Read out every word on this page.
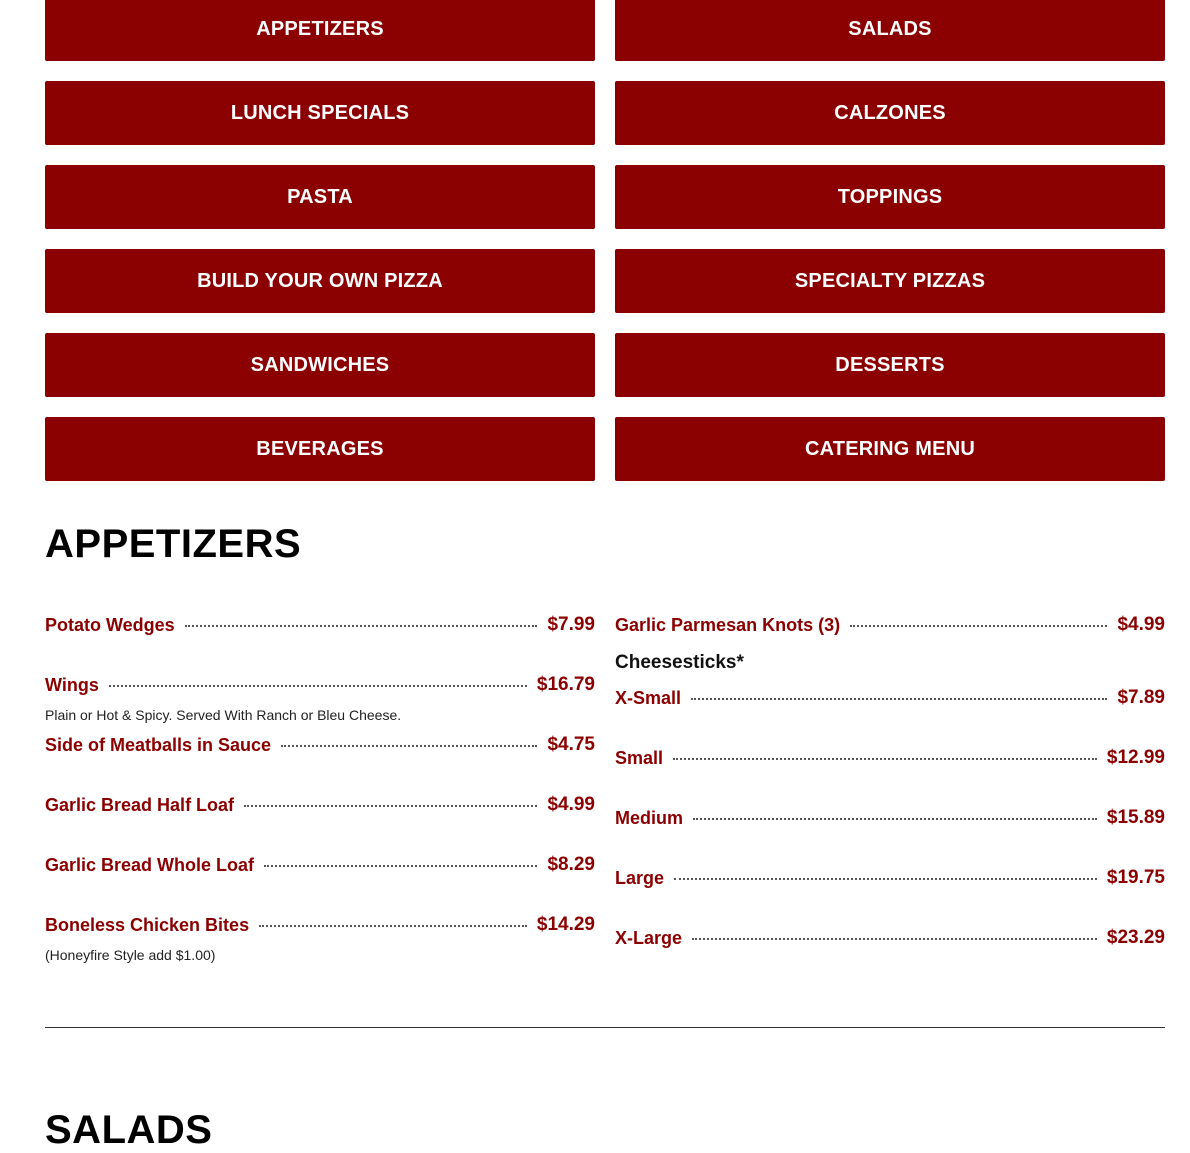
APPETIZERS	SALADS
LUNCH SPECIALS	CALZONES
PASTA	TOPPINGS
BUILD YOUR OWN PIZZA	SPECIALTY PIZZAS
SANDWICHES	DESSERTS
BEVERAGES	CATERING MENU
APPETIZERS
Potato Wedges	$7.99
Wings	$16.79
Plain or Hot & Spicy. Served With Ranch or Bleu Cheese.
Side of Meatballs in Sauce	$4.75
Garlic Bread Half Loaf	$4.99
Garlic Bread Whole Loaf	$8.29
Boneless Chicken Bites	$14.29
(Honeyfire Style add $1.00)
Garlic Parmesan Knots (3)	$4.99
Cheesesticks*
X-Small	$7.89
Small	$12.99
Medium	$15.89
Large	$19.75
X-Large	$23.29
SALADS
